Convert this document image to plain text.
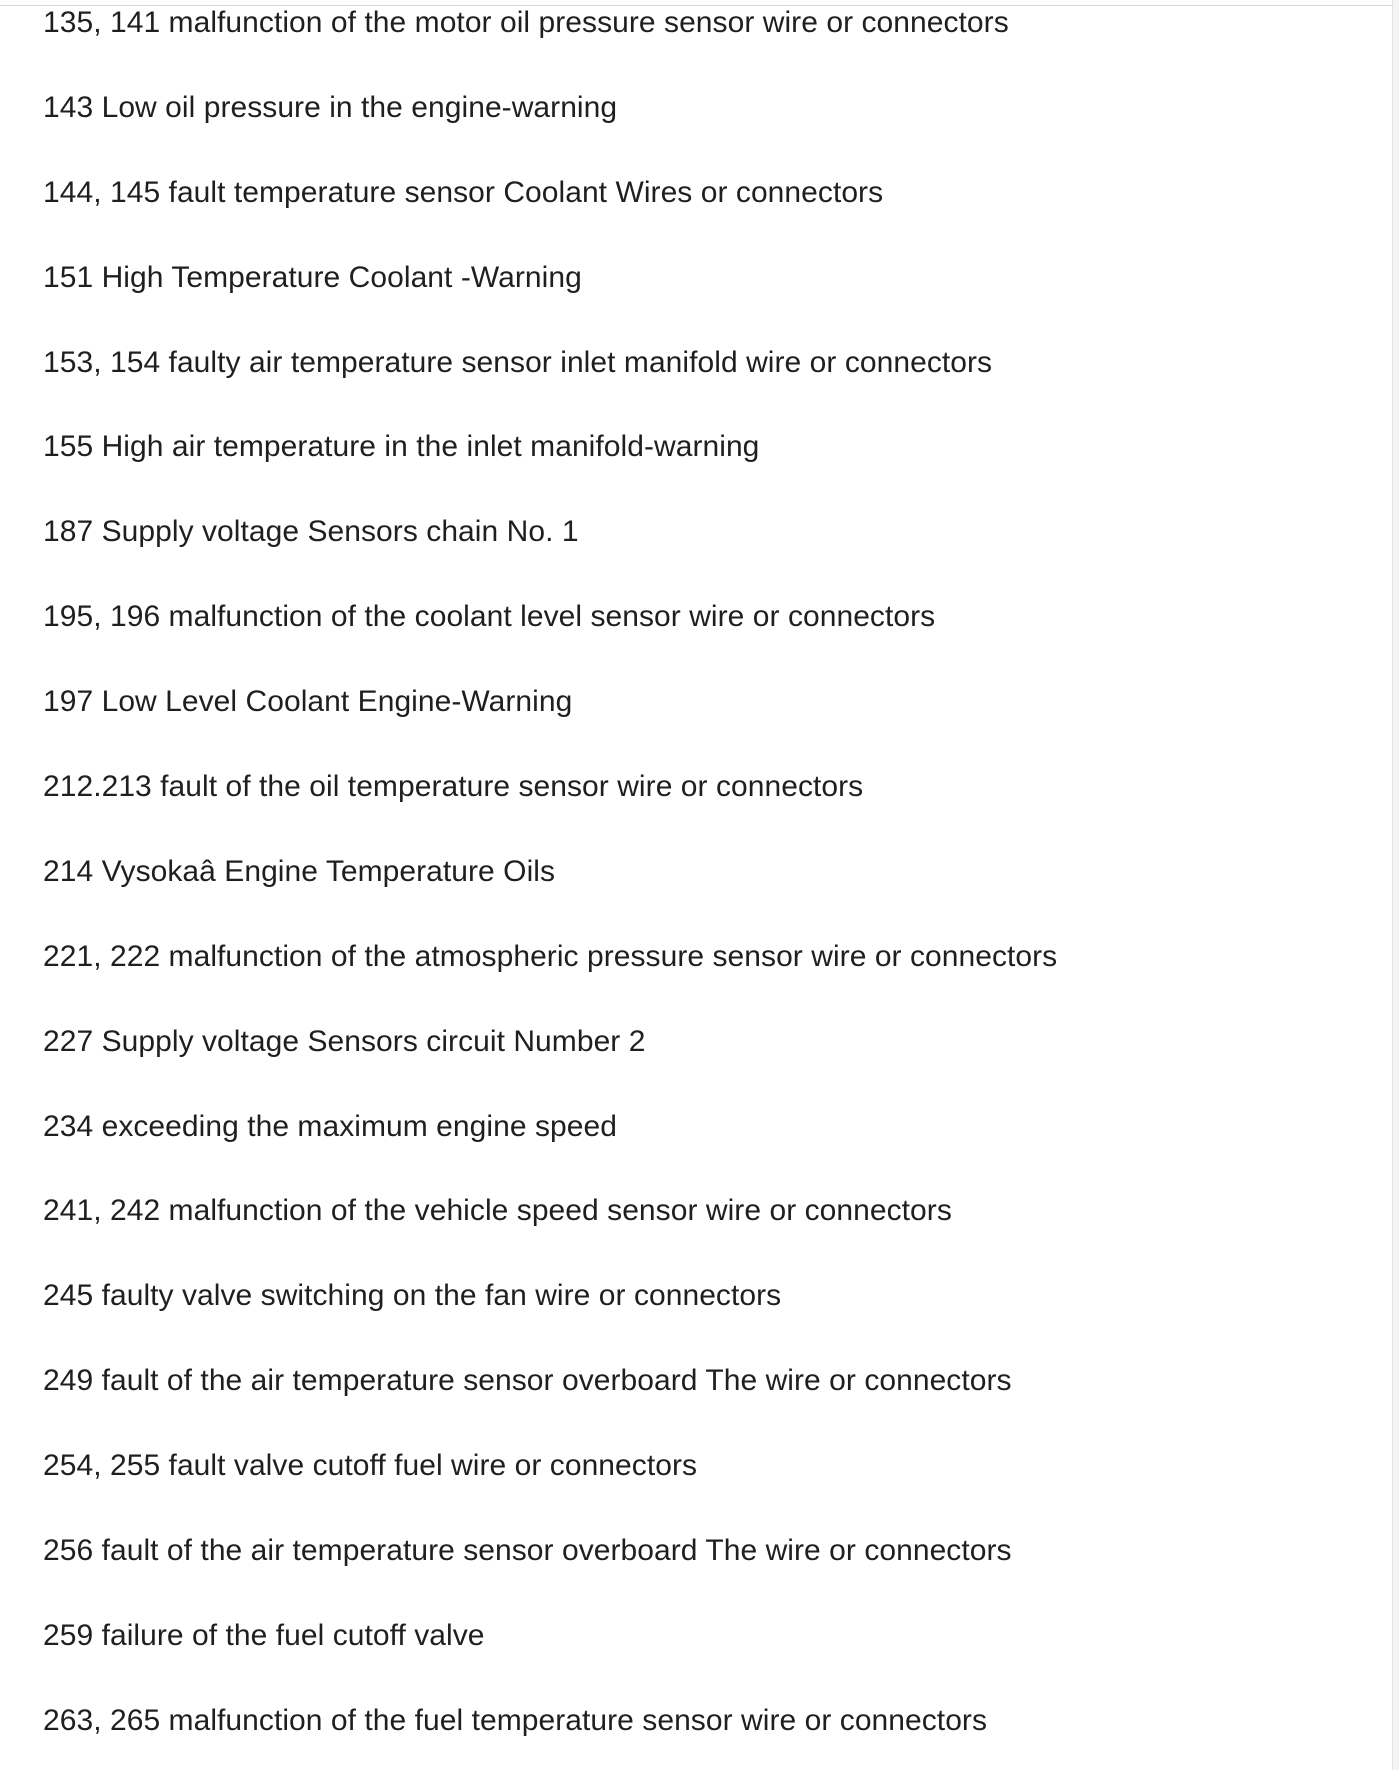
135, 141 malfunction of the motor oil pressure sensor wire or connectors
143 Low oil pressure in the engine-warning
144, 145 fault temperature sensor Coolant Wires or connectors
151 High Temperature Coolant -Warning
153, 154 faulty air temperature sensor inlet manifold wire or connectors
155 High air temperature in the inlet manifold-warning
187 Supply voltage Sensors chain No. 1
195, 196 malfunction of the coolant level sensor wire or connectors
197 Low Level Coolant Engine-Warning
212.213 fault of the oil temperature sensor wire or connectors
214 Vysokaâ Engine Temperature Oils
221, 222 malfunction of the atmospheric pressure sensor wire or connectors
227 Supply voltage Sensors circuit Number 2
234 exceeding the maximum engine speed
241, 242 malfunction of the vehicle speed sensor wire or connectors
245 faulty valve switching on the fan wire or connectors
249 fault of the air temperature sensor overboard The wire or connectors
254, 255 fault valve cutoff fuel wire or connectors
256 fault of the air temperature sensor overboard The wire or connectors
259 failure of the fuel cutoff valve
263, 265 malfunction of the fuel temperature sensor wire or connectors
